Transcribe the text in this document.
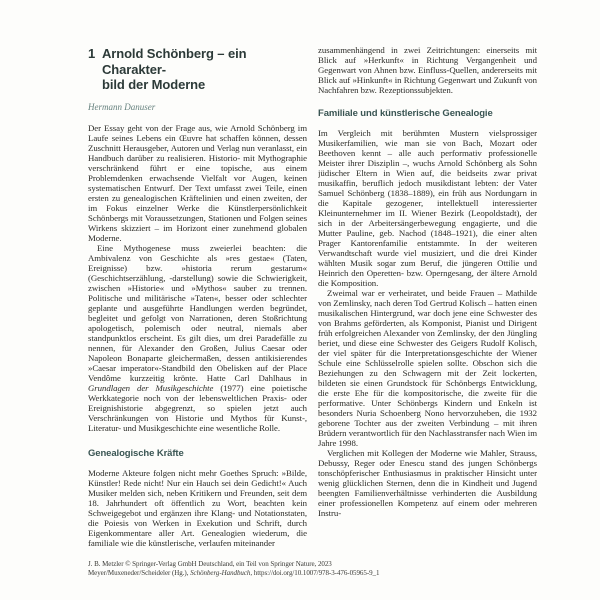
1 Arnold Schönberg – ein Charakter-
bild der Moderne
Hermann Danuser

Der Essay geht von der Frage aus, wie Arnold Schönberg im Laufe seines Lebens ein Œuvre hat schaffen können, dessen Zuschnitt Herausgeber, Autoren und Verlag nun veranlasst, ein Handbuch darüber zu realisieren. Historio- mit Mythographie verschränkend führt er eine topische, aus einem Problemdenken erwachsende Vielfalt vor Augen, keinen systematischen Entwurf. Der Text umfasst zwei Teile, einen ersten zu genealogischen Kräftelinien und einen zweiten, der im Fokus einzelner Werke die Künstlerpersönlichkeit Schönbergs mit Voraussetzungen, Stationen und Folgen seines Wirkens skizziert – im Horizont einer zunehmend globalen Moderne.

Eine Mythogenese muss zweierlei beachten: die Ambivalenz von Geschichte als »res gestae« (Taten, Ereignisse) bzw. »historia rerum gestarum« (Geschichtserzählung, -darstellung) sowie die Schwierigkeit, zwischen »Historie« und »Mythos« sauber zu trennen. Politische und militärische »Taten«, besser oder schlechter geplante und ausgeführte Handlungen werden begründet, begleitet und gefolgt von Narrationen, deren Stoßrichtung apologetisch, polemisch oder neutral, niemals aber standpunktlos erscheint. Es gilt dies, um drei Paradefälle zu nennen, für Alexander den Großen, Julius Caesar oder Napoleon Bonaparte gleichermaßen, dessen antikisierendes »Caesar imperator«-Standbild den Obelisken auf der Place Vendôme kurzzeitig krönte. Hatte Carl Dahlhaus in Grundlagen der Musikgeschichte (1977) eine poietische Werkkategorie noch von der lebensweltlichen Praxis- oder Ereignishistorie abgegrenzt, so spielen jetzt auch Verschränkungen von Historie und Mythos für Kunst-, Literatur- und Musikgeschichte eine wesentliche Rolle.

Genealogische Kräfte

Moderne Akteure folgen nicht mehr Goethes Spruch: »Bilde, Künstler! Rede nicht! Nur ein Hauch sei dein Gedicht!« Auch Musiker melden sich, neben Kritikern und Freunden, seit dem 18. Jahrhundert oft öffentlich zu Wort, beachten kein Schweigegebot und ergänzen ihre Klang- und Notationstaten, die Poiesis von Werken in Exekution und Schrift, durch Eigenkommentare aller Art. Genealogien wiederum, die familiale wie die künstlerische, verlaufen miteinander

zusammenhängend in zwei Zeitrichtungen: einerseits mit Blick auf »Herkunft« in Richtung Vergangenheit und Gegenwart von Ahnen bzw. Einfluss-Quellen, andererseits mit Blick auf »Hinkunft« in Richtung Gegenwart und Zukunft von Nachfahren bzw. Rezeptionssubjekten.

Familiale und künstlerische Genealogie

Im Vergleich mit berühmten Mustern vielsprossiger Musikerfamilien, wie man sie von Bach, Mozart oder Beethoven kennt – alle auch performativ professionelle Meister ihrer Disziplin –, wuchs Arnold Schönberg als Sohn jüdischer Eltern in Wien auf, die beidseits zwar privat musikaffin, beruflich jedoch musikdistant lebten: der Vater Samuel Schönberg (1838–1889), ein früh aus Nordungarn in die Kapitale gezogener, intellektuell interessierter Kleinunternehmer im II. Wiener Bezirk (Leopoldstadt), der sich in der Arbeitersängerbewegung engagierte, und die Mutter Pauline, geb. Nachod (1848–1921), die einer alten Prager Kantorenfamilie entstammte. In der weiteren Verwandtschaft wurde viel musiziert, und die drei Kinder wählten Musik sogar zum Beruf, die jüngeren Ottilie und Heinrich den Operetten- bzw. Operngesang, der ältere Arnold die Komposition.

Zweimal war er verheiratet, und beide Frauen – Mathilde von Zemlinsky, nach deren Tod Gertrud Kolisch – hatten einen musikalischen Hintergrund, war doch jene eine Schwester des von Brahms geförderten, als Komponist, Pianist und Dirigent früh erfolgreichen Alexander von Zemlinsky, der den Jüngling beriet, und diese eine Schwester des Geigers Rudolf Kolisch, der viel später für die Interpretationsgeschichte der Wiener Schule eine Schlüsselrolle spielen sollte. Obschon sich die Beziehungen zu den Schwagern mit der Zeit lockerten, bildeten sie einen Grundstock für Schönbergs Entwicklung, die erste Ehe für die kompositorische, die zweite für die performative. Unter Schönbergs Kindern und Enkeln ist besonders Nuria Schoenberg Nono hervorzuheben, die 1932 geborene Tochter aus der zweiten Verbindung – mit ihren Brüdern verantwortlich für den Nachlasstransfer nach Wien im Jahre 1998.

Verglichen mit Kollegen der Moderne wie Mahler, Strauss, Debussy, Reger oder Enescu stand des jungen Schönbergs tonschöpferischer Enthusiasmus in praktischer Hinsicht unter wenig glücklichen Sternen, denn die in Kindheit und Jugend beengten Familienverhältnisse verhinderten die Ausbildung einer professionellen Kompetenz auf einem oder mehreren Instru-

J. B. Metzler © Springer-Verlag GmbH Deutschland, ein Teil von Springer Nature, 2023
Meyer/Muxeneder/Scheideler (Hg.), Schönberg-Handbuch, https://doi.org/10.1007/978-3-476-05965-9_1
